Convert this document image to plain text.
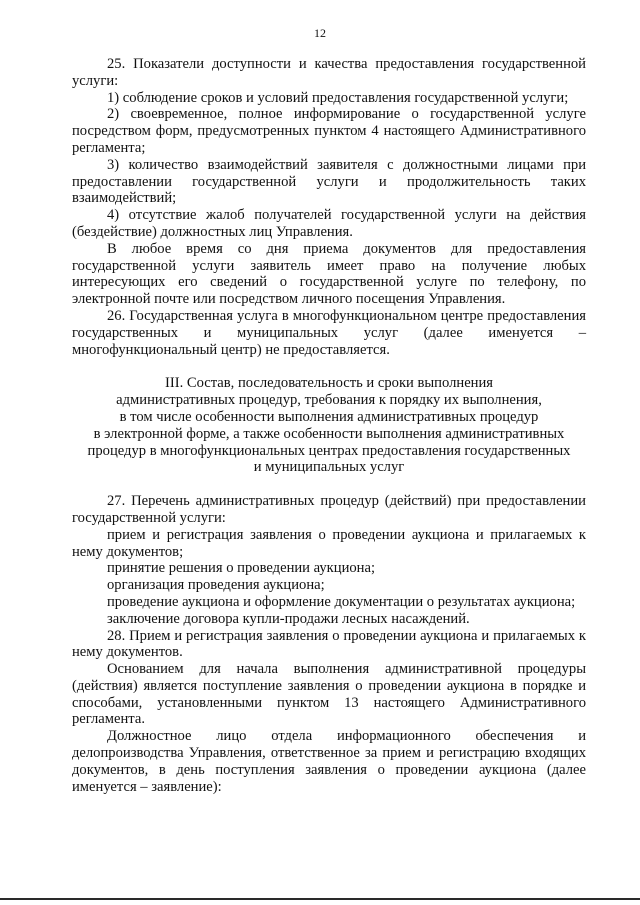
12

25. Показатели доступности и качества предоставления государственной услуги:

1) соблюдение сроков и условий предоставления государственной услуги;

2) своевременное, полное информирование о государственной услуге посредством форм, предусмотренных пунктом 4 настоящего Административного регламента;

3) количество взаимодействий заявителя с должностными лицами при предоставлении государственной услуги и продолжительность таких взаимодействий;

4) отсутствие жалоб получателей государственной услуги на действия (бездействие) должностных лиц Управления.

В любое время со дня приема документов для предоставления государственной услуги заявитель имеет право на получение любых интересующих его сведений о государственной услуге по телефону, по электронной почте или посредством личного посещения Управления.

26. Государственная услуга в многофункциональном центре предоставления государственных и муниципальных услуг (далее именуется – многофункциональный центр) не предоставляется.

III. Состав, последовательность и сроки выполнения

административных процедур, требования к порядку их выполнения,

в том числе особенности выполнения административных процедур

в электронной форме, а также особенности выполнения административных

процедур в многофункциональных центрах предоставления государственных

и муниципальных услуг

27. Перечень административных процедур (действий) при предоставлении государственной услуги:

прием и регистрация заявления о проведении аукциона и прилагаемых к нему документов;

принятие решения о проведении аукциона;

организация проведения аукциона;

проведение аукциона и оформление документации о результатах аукциона;

заключение договора купли-продажи лесных насаждений.

28. Прием и регистрация заявления о проведении аукциона и прилагаемых к нему документов.

Основанием для начала выполнения административной процедуры (действия) является поступление заявления о проведении аукциона в порядке и способами, установленными пунктом 13 настоящего Административного регламента.

Должностное лицо отдела информационного обеспечения и делопроизводства Управления, ответственное за прием и регистрацию входящих документов, в день поступления заявления о проведении аукциона (далее именуется – заявление):
